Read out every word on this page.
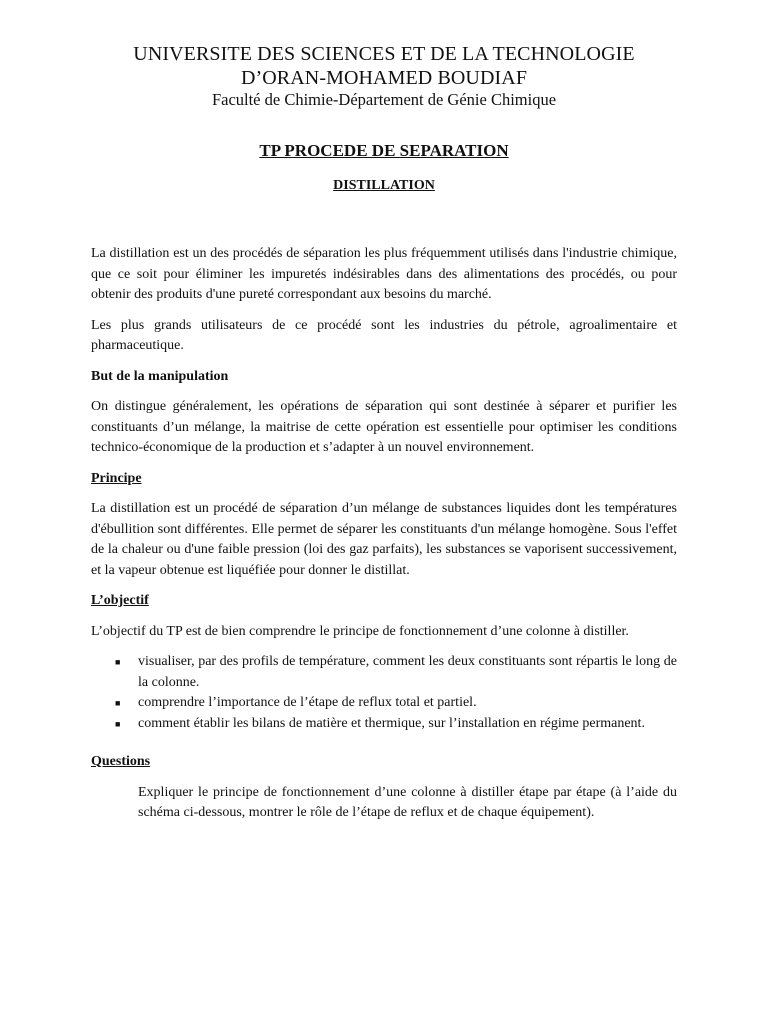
UNIVERSITE DES SCIENCES ET DE LA TECHNOLOGIE
D’ORAN-MOHAMED BOUDIAF
Faculté de Chimie-Département de Génie Chimique
TP PROCEDE DE SEPARATION
DISTILLATION

La distillation est un des procédés de séparation les plus fréquemment utilisés dans l'industrie chimique, que ce soit pour éliminer les impuretés indésirables dans des alimentations des procédés, ou pour obtenir des produits d'une pureté correspondant aux besoins du marché.

Les plus grands utilisateurs de ce procédé sont les industries du pétrole, agroalimentaire et pharmaceutique.

But de la manipulation

On distingue généralement, les opérations de séparation qui sont destinée à séparer et purifier les constituants d’un mélange, la maitrise de cette opération est essentielle pour optimiser les conditions technico-économique de la production et s’adapter à un nouvel environnement.

Principe

La distillation est un procédé de séparation d’un mélange de substances liquides dont les températures d'ébullition sont différentes. Elle permet de séparer les constituants d'un mélange homogène. Sous l'effet de la chaleur ou d'une faible pression (loi des gaz parfaits), les substances se vaporisent successivement, et la vapeur obtenue est liquéfiée pour donner le distillat.

L’objectif

L’objectif du TP est de bien comprendre le principe de fonctionnement d’une colonne à distiller.

■ visualiser, par des profils de température, comment les deux constituants sont répartis le long de la colonne.
■ comprendre l’importance de l’étape de reflux total et partiel.
■ comment établir les bilans de matière et thermique, sur l’installation en régime permanent.

Questions

Expliquer le principe de fonctionnement d’une colonne à distiller étape par étape (à l’aide du schéma ci-dessous, montrer le rôle de l’étape de reflux et de chaque équipement).
